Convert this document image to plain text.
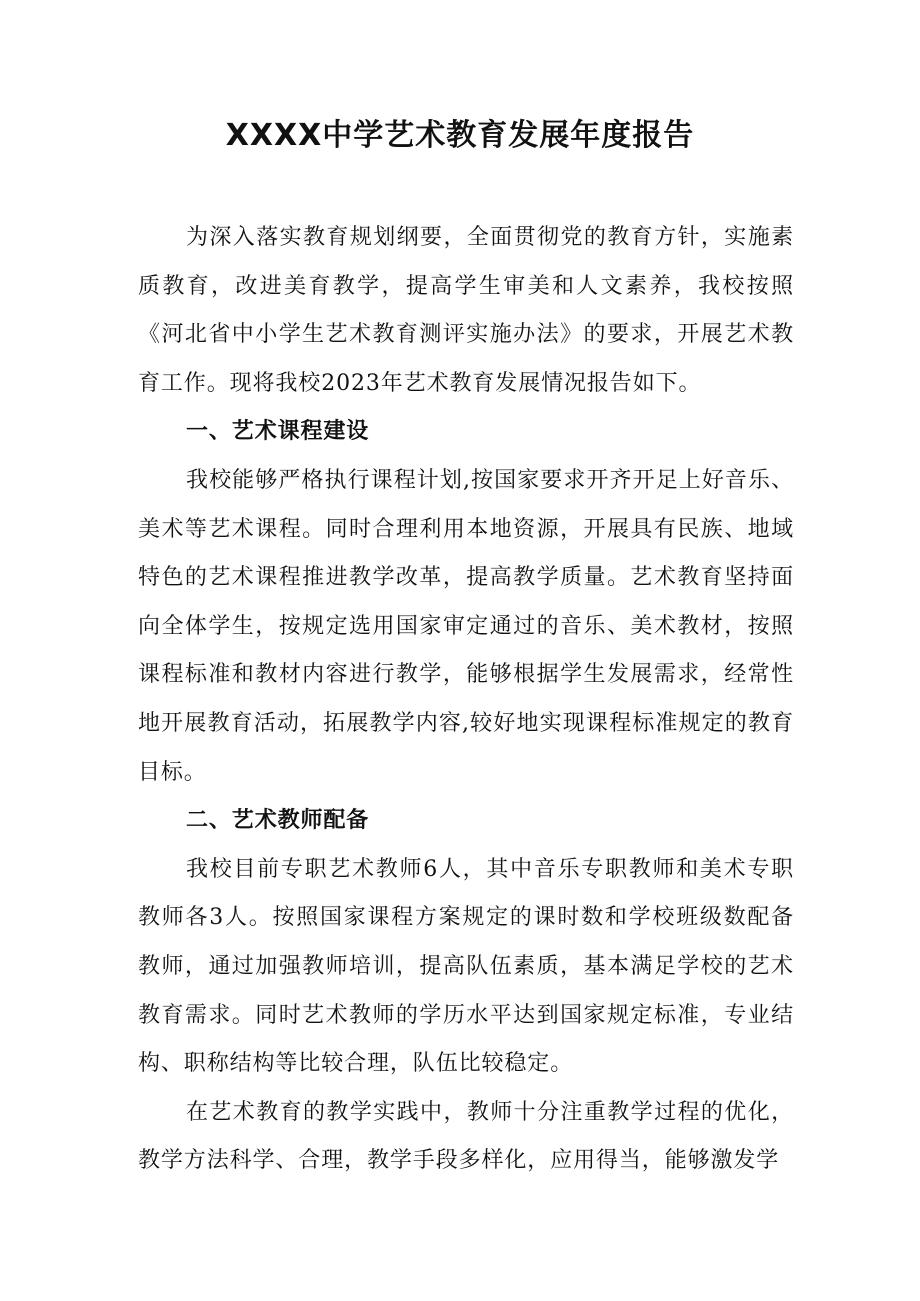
XXXX中学艺术教育发展年度报告

为深入落实教育规划纲要，全面贯彻党的教育方针，实施素质教育，改进美育教学，提高学生审美和人文素养，我校按照《河北省中小学生艺术教育测评实施办法》的要求，开展艺术教育工作。现将我校2023年艺术教育发展情况报告如下。

一、艺术课程建设

我校能够严格执行课程计划,按国家要求开齐开足上好音乐、美术等艺术课程。同时合理利用本地资源，开展具有民族、地域特色的艺术课程推进教学改革，提高教学质量。艺术教育坚持面向全体学生，按规定选用国家审定通过的音乐、美术教材，按照课程标准和教材内容进行教学，能够根据学生发展需求，经常性地开展教育活动，拓展教学内容,较好地实现课程标准规定的教育目标。

二、艺术教师配备

我校目前专职艺术教师6人，其中音乐专职教师和美术专职教师各3人。按照国家课程方案规定的课时数和学校班级数配备教师，通过加强教师培训，提高队伍素质，基本满足学校的艺术教育需求。同时艺术教师的学历水平达到国家规定标准，专业结构、职称结构等比较合理，队伍比较稳定。

在艺术教育的教学实践中，教师十分注重教学过程的优化，教学方法科学、合理，教学手段多样化，应用得当，能够激发学
